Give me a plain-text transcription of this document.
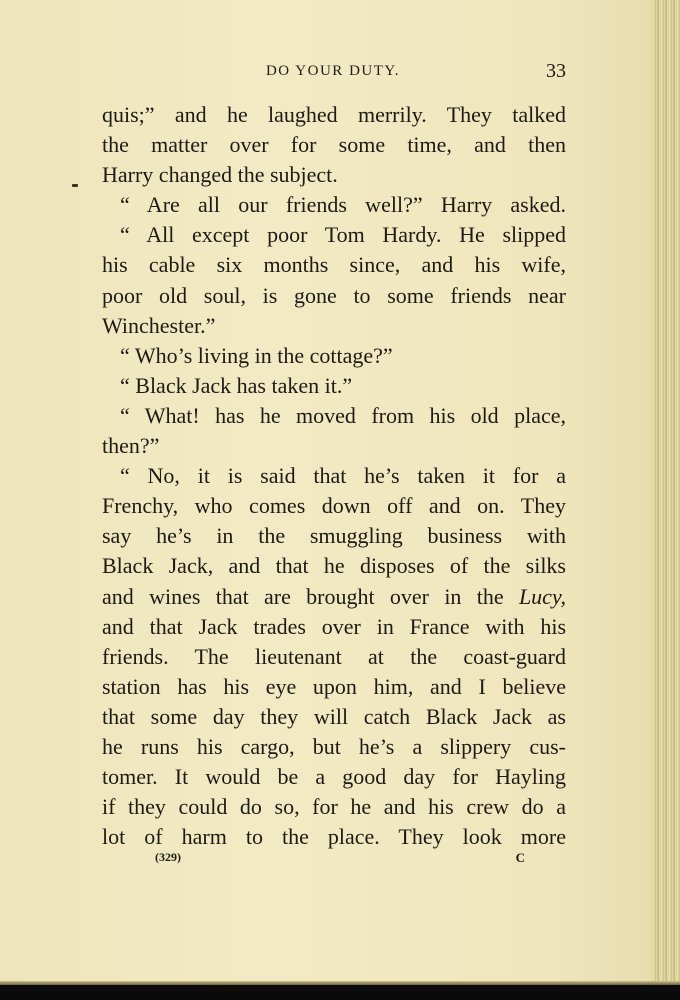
DO YOUR DUTY.	33
quis;” and he laughed merrily. They talked
the matter over for some time, and then
Harry changed the subject.
“ Are all our friends well?” Harry asked.
“ All except poor Tom Hardy. He slipped
his cable six months since, and his wife,
poor old soul, is gone to some friends near
Winchester.”
“ Who’s living in the cottage?”
“ Black Jack has taken it.”
“ What! has he moved from his old place,
then?”
“ No, it is said that he’s taken it for a
Frenchy, who comes down off and on. They
say he’s in the smuggling business with
Black Jack, and that he disposes of the silks
and wines that are brought over in the Lucy,
and that Jack trades over in France with his
friends. The lieutenant at the coast-guard
station has his eye upon him, and I believe
that some day they will catch Black Jack as
he runs his cargo, but he’s a slippery cus-
tomer. It would be a good day for Hayling
if they could do so, for he and his crew do a
lot of harm to the place. They look more
(329)	C
